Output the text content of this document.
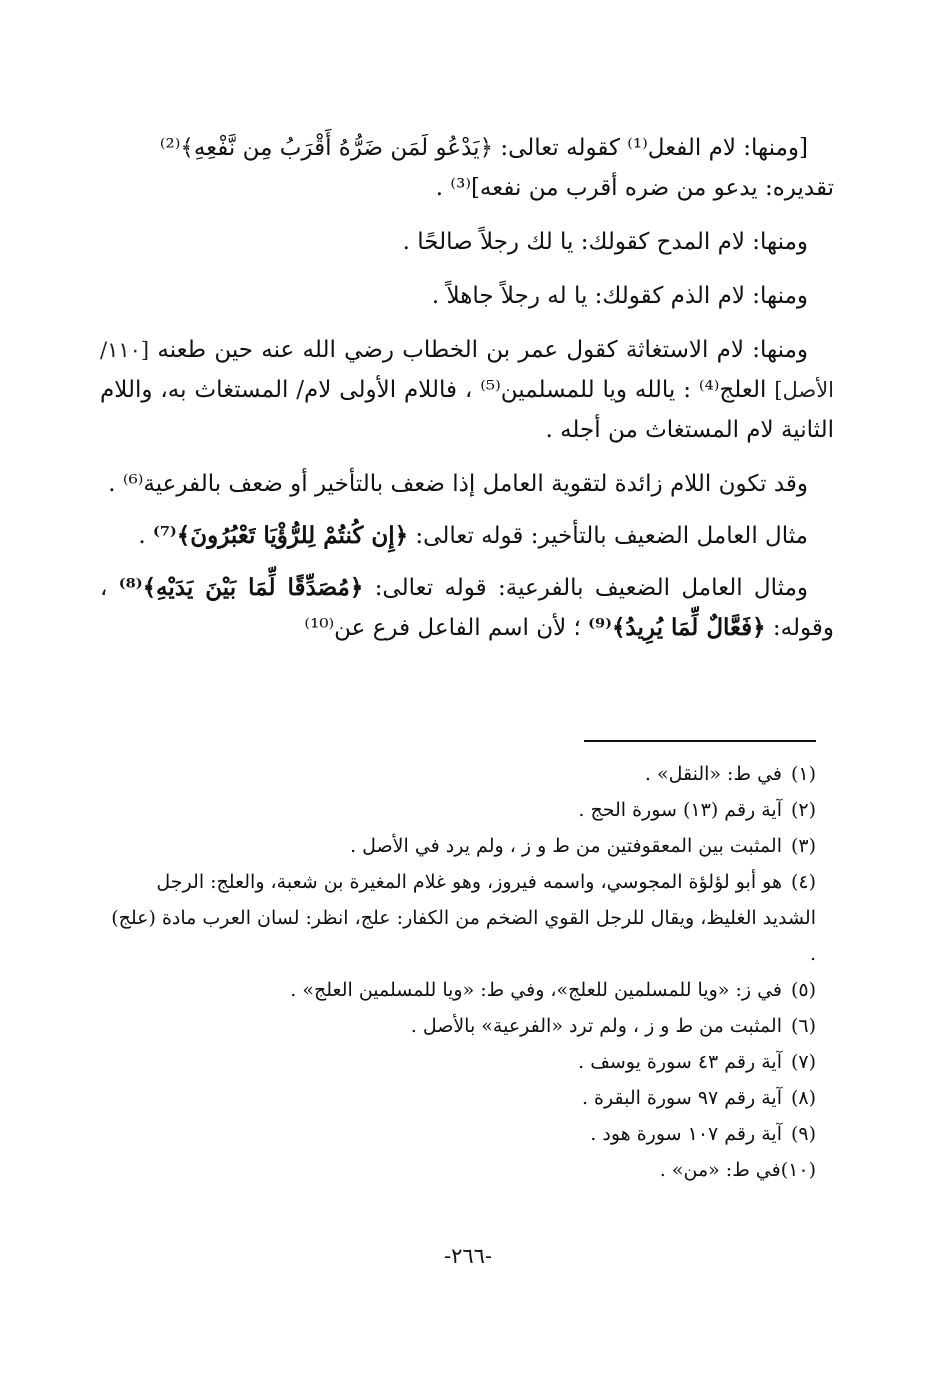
[ومنها: لام الفعل⁽¹⁾ كقوله تعالى: ﴿يَدْعُو لَمَن ضَرُّهُ أَقْرَبُ مِن نَّفْعِهِ﴾⁽²⁾
تقديره: يدعو من ضره أقرب من نفعه]⁽³⁾ .

ومنها: لام المدح كقولك: يا لك رجلاً صالحًا .

ومنها: لام الذم كقولك: يا له رجلاً جاهلاً .

ومنها: لام الاستغاثة كقول عمر بن الخطاب رضي الله عنه حين طعنه [١١٠/الأصل] العلج⁽⁴⁾ : يالله ويا للمسلمين⁽⁵⁾ ، فاللام الأولى لام/ المستغاث به، واللام الثانية لام المستغاث من أجله .

وقد تكون اللام زائدة لتقوية العامل إذا ضعف بالتأخير أو ضعف بالفرعية⁽⁶⁾ .

مثال العامل الضعيف بالتأخير: قوله تعالى: ﴿إِن كُنتُمْ لِلرُّؤْيَا تَعْبُرُونَ﴾⁽⁷⁾ .

ومثال العامل الضعيف بالفرعية: قوله تعالى: ﴿مُصَدِّقًا لِّمَا بَيْنَ يَدَيْهِ﴾⁽⁸⁾ ، وقوله: ﴿فَعَّالٌ لِّمَا يُرِيدُ﴾⁽⁹⁾ ؛ لأن اسم الفاعل فرع عن⁽¹⁰⁾

(١)في ط: «النقل» .

(٢)آية رقم (١٣) سورة الحج .

(٣)المثبت بين المعقوفتين من ط و ز ، ولم يرد في الأصل .

(٤)هو أبو لؤلؤة المجوسي، واسمه فيروز، وهو غلام المغيرة بن شعبة، والعلج: الرجل الشديد الغليظ، ويقال للرجل القوي الضخم من الكفار: علج، انظر: لسان العرب مادة (علج) .

(٥)في ز: «ويا للمسلمين للعلج»، وفي ط: «ويا للمسلمين العلج» .

(٦)المثبت من ط و ز ، ولم ترد «الفرعية» بالأصل .

(٧)آية رقم ٤٣ سورة يوسف .

(٨)آية رقم ٩٧ سورة البقرة .

(٩)آية رقم ١٠٧ سورة هود .

(١٠)في ط: «من» .

-٢٦٦-
